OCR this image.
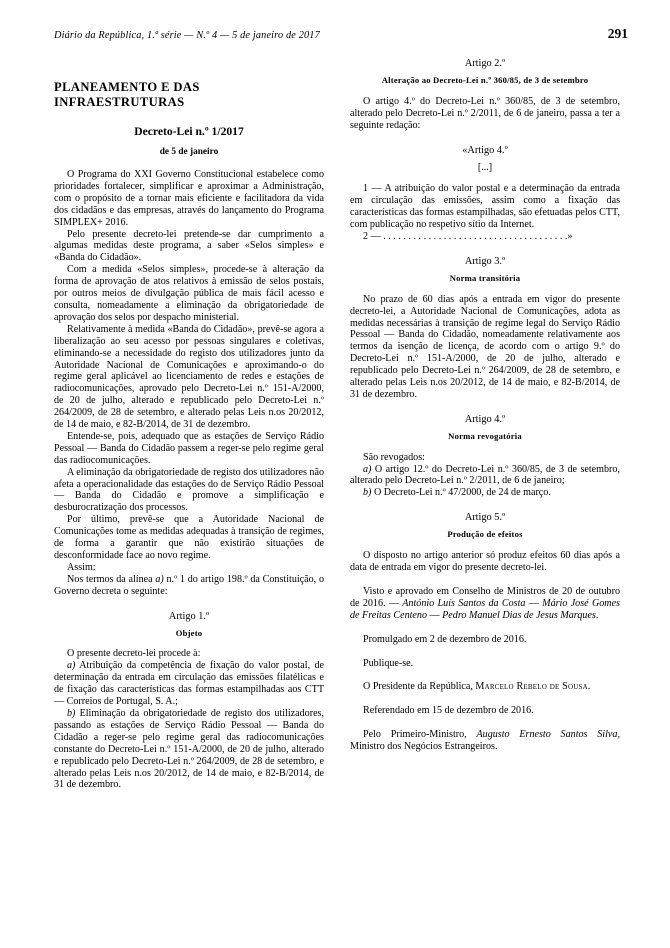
Diário da República, 1.ª série — N.º 4 — 5 de janeiro de 2017	291
PLANEAMENTO E DAS INFRAESTRUTURAS
Decreto-Lei n.º 1/2017
de 5 de janeiro

O Programa do XXI Governo Constitucional estabelece como prioridades fortalecer, simplificar e aproximar a Administração, com o propósito de a tornar mais eficiente e facilitadora da vida dos cidadãos e das empresas, através do lançamento do Programa SIMPLEX+ 2016.

Pelo presente decreto-lei pretende-se dar cumprimento a algumas medidas deste programa, a saber «Selos simples» e «Banda do Cidadão».

Com a medida «Selos simples», procede-se à alteração da forma de aprovação de atos relativos à emissão de selos postais, por outros meios de divulgação pública de mais fácil acesso e consulta, nomeadamente a eliminação da obrigatoriedade de aprovação dos selos por despacho ministerial.

Relativamente à medida «Banda do Cidadão», prevê-se agora a liberalização ao seu acesso por pessoas singulares e coletivas, eliminando-se a necessidade do registo dos utilizadores junto da Autoridade Nacional de Comunicações e aproximando-o do regime geral aplicável ao licenciamento de redes e estações de radiocomunicações, aprovado pelo Decreto-Lei n.º 151-A/2000, de 20 de julho, alterado e republicado pelo Decreto-Lei n.º 264/2009, de 28 de setembro, e alterado pelas Leis n.os 20/2012, de 14 de maio, e 82-B/2014, de 31 de dezembro.

Entende-se, pois, adequado que as estações de Serviço Rádio Pessoal — Banda do Cidadão passem a reger-se pelo regime geral das radiocomunicações.

A eliminação da obrigatoriedade de registo dos utilizadores não afeta a operacionalidade das estações do de Serviço Rádio Pessoal — Banda do Cidadão e promove a simplificação e desburocratização dos processos.

Por último, prevê-se que a Autoridade Nacional de Comunicações tome as medidas adequadas à transição de regimes, de forma a garantir que não existirão situações de desconformidade face ao novo regime.

Assim:

Nos termos da alínea a) n.º 1 do artigo 198.º da Constituição, o Governo decreta o seguinte:

Artigo 1.º

Objeto

O presente decreto-lei procede à:

a) Atribuição da competência de fixação do valor postal, de determinação da entrada em circulação das emissões filatélicas e de fixação das características das formas estampilhadas aos CTT — Correios de Portugal, S. A.;

b) Eliminação da obrigatoriedade de registo dos utilizadores, passando as estações de Serviço Rádio Pessoal — Banda do Cidadão a reger-se pelo regime geral das radiocomunicações constante do Decreto-Lei n.º 151-A/2000, de 20 de julho, alterado e republicado pelo Decreto-Lei n.º 264/2009, de 28 de setembro, e alterado pelas Leis n.os 20/2012, de 14 de maio, e 82-B/2014, de 31 de dezembro.

Artigo 2.º

Alteração ao Decreto-Lei n.º 360/85, de 3 de setembro

O artigo 4.º do Decreto-Lei n.º 360/85, de 3 de setembro, alterado pelo Decreto-Lei n.º 2/2011, de 6 de janeiro, passa a ter a seguinte redação:

«Artigo 4.º

[...]

1 — A atribuição do valor postal e a determinação da entrada em circulação das emissões, assim como a fixação das características das formas estampilhadas, são efetuadas pelos CTT, com publicação no respetivo sítio da Internet.

2 — . . . . . . . . . . . . . . . . . . . . . . . . . . . . . . . . . . . . .»

Artigo 3.º

Norma transitória

No prazo de 60 dias após a entrada em vigor do presente decreto-lei, a Autoridade Nacional de Comunicações, adota as medidas necessárias à transição de regime legal do Serviço Rádio Pessoal — Banda do Cidadão, nomeadamente relativamente aos termos da isenção de licença, de acordo com o artigo 9.º do Decreto-Lei n.º 151-A/2000, de 20 de julho, alterado e republicado pelo Decreto-Lei n.º 264/2009, de 28 de setembro, e alterado pelas Leis n.os 20/2012, de 14 de maio, e 82-B/2014, de 31 de dezembro.

Artigo 4.º

Norma revogatória

São revogados:

a) O artigo 12.º do Decreto-Lei n.º 360/85, de 3 de setembro, alterado pelo Decreto-Lei n.º 2/2011, de 6 de janeiro;

b) O Decreto-Lei n.º 47/2000, de 24 de março.

Artigo 5.º

Produção de efeitos

O disposto no artigo anterior só produz efeitos 60 dias após a data de entrada em vigor do presente decreto-lei.

Visto e aprovado em Conselho de Ministros de 20 de outubro de 2016. — António Luís Santos da Costa — Mário José Gomes de Freitas Centeno — Pedro Manuel Dias de Jesus Marques.

Promulgado em 2 de dezembro de 2016.

Publique-se.

O Presidente da República, Marcelo Rebelo de Sousa.

Referendado em 15 de dezembro de 2016.

Pelo Primeiro-Ministro, Augusto Ernesto Santos Silva, Ministro dos Negócios Estrangeiros.
